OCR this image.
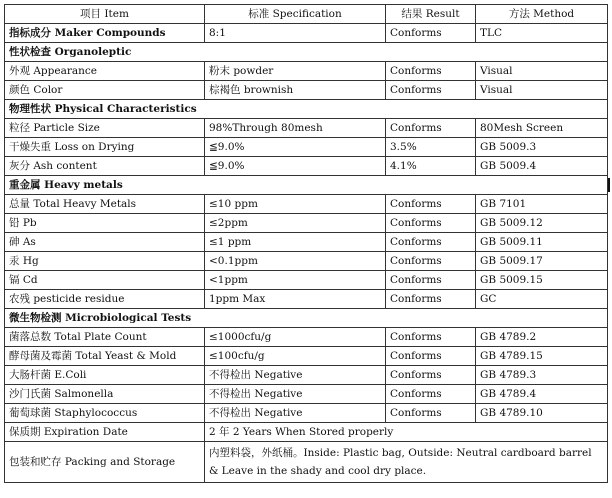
项目 Item	标准 Specification	结果 Result	方法 Method
指标成分 Maker Compounds	8:1	Conforms	TLC
性状检查 Organoleptic			
外观 Appearance	粉末 powder	Conforms	Visual
颜色 Color	棕褐色 brownish	Conforms	Visual
物理性状 Physical Characteristics			
粒径 Particle Size	98%Through 80mesh	Conforms	80Mesh Screen
干燥失重 Loss on Drying	≦9.0%	3.5%	GB 5009.3
灰分 Ash content	≦9.0%	4.1%	GB 5009.4
重金属 Heavy metals			
总量 Total Heavy Metals	≤10 ppm	Conforms	GB 7101
铅 Pb	≤2ppm	Conforms	GB 5009.12
砷 As	≤1 ppm	Conforms	GB 5009.11
汞 Hg	<0.1ppm	Conforms	GB 5009.17
镉 Cd	<1ppm	Conforms	GB 5009.15
农残 pesticide residue	1ppm Max	Conforms	GC
微生物检测 Microbiological Tests			
菌落总数 Total Plate Count	≤1000cfu/g	Conforms	GB 4789.2
酵母菌及霉菌 Total Yeast & Mold	≤100cfu/g	Conforms	GB 4789.15
大肠杆菌 E.Coli	不得检出 Negative	Conforms	GB 4789.3
沙门氏菌 Salmonella	不得检出 Negative	Conforms	GB 4789.4
葡萄球菌 Staphylococcus	不得检出 Negative	Conforms	GB 4789.10
保质期 Expiration Date	2 年 2 Years When Stored properly		
包装和贮存 Packing and Storage	内塑料袋，外纸桶。Inside: Plastic bag, Outside: Neutral cardboard barrel & Leave in the shady and cool dry place.		
